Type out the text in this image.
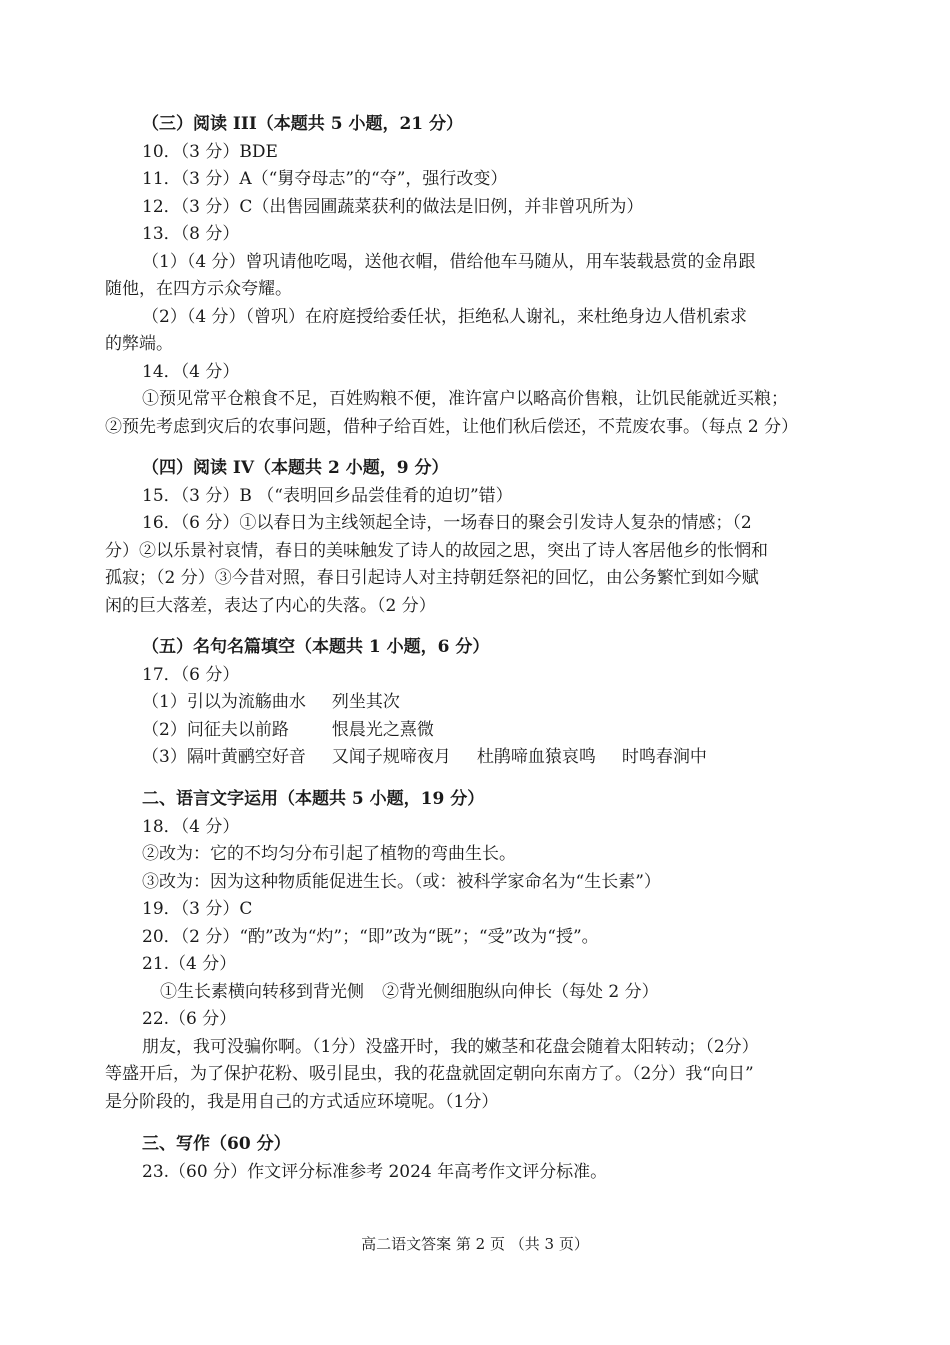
（三）阅读 III（本题共 5 小题，21 分）
10．（3 分）BDE
11．（3 分）A（“舅夺母志”的“夺”，强行改变）
12．（3 分）C（出售园圃蔬菜获利的做法是旧例，并非曾巩所为）
13．（8 分）
（1）（4 分）曾巩请他吃喝，送他衣帽，借给他车马随从，用车装载悬赏的金帛跟
随他，在四方示众夸耀。
（2）（4 分）（曾巩）在府庭授给委任状，拒绝私人谢礼，来杜绝身边人借机索求
的弊端。
14．（4 分）
①预见常平仓粮食不足，百姓购粮不便，准许富户以略高价售粮，让饥民能就近买粮；
②预先考虑到灾后的农事问题，借种子给百姓，让他们秋后偿还，不荒废农事。（每点 2 分）
（四）阅读 IV（本题共 2 小题，9 分）
15．（3 分）B （“表明回乡品尝佳肴的迫切”错）
16．（6 分）①以春日为主线领起全诗，一场春日的聚会引发诗人复杂的情感；（2
分）②以乐景衬哀情，春日的美味触发了诗人的故园之思，突出了诗人客居他乡的怅惘和
孤寂；（2 分）③今昔对照，春日引起诗人对主持朝廷祭祀的回忆，由公务繁忙到如今赋
闲的巨大落差，表达了内心的失落。（2 分）
（五）名句名篇填空（本题共 1 小题，6 分）
17．（6 分）
（1）引以为流觞曲水 列坐其次
（2）问征夫以前路	恨晨光之熹微
（3）隔叶黄鹂空好音 又闻子规啼夜月 杜鹃啼血猿哀鸣 时鸣春涧中
二、语言文字运用（本题共 5 小题，19 分）
18．（4 分）
②改为：它的不均匀分布引起了植物的弯曲生长。
③改为：因为这种物质能促进生长。（或：被科学家命名为“生长素”）
19．（3 分）C
20．（2 分）“酌”改为“灼”；“即”改为“既”；“受”改为“授”。
21.（4 分）
①生长素横向转移到背光侧 ②背光侧细胞纵向伸长（每处 2 分）
22.（6 分）
朋友，我可没骗你啊。（1分）没盛开时，我的嫩茎和花盘会随着太阳转动；（2分）
等盛开后，为了保护花粉、吸引昆虫，我的花盘就固定朝向东南方了。（2分）我“向日”
是分阶段的，我是用自己的方式适应环境呢。（1分）
三、写作（60 分）
23.（60 分）作文评分标准参考 2024 年高考作文评分标准。
高二语文答案 第 2 页 （共 3 页）
